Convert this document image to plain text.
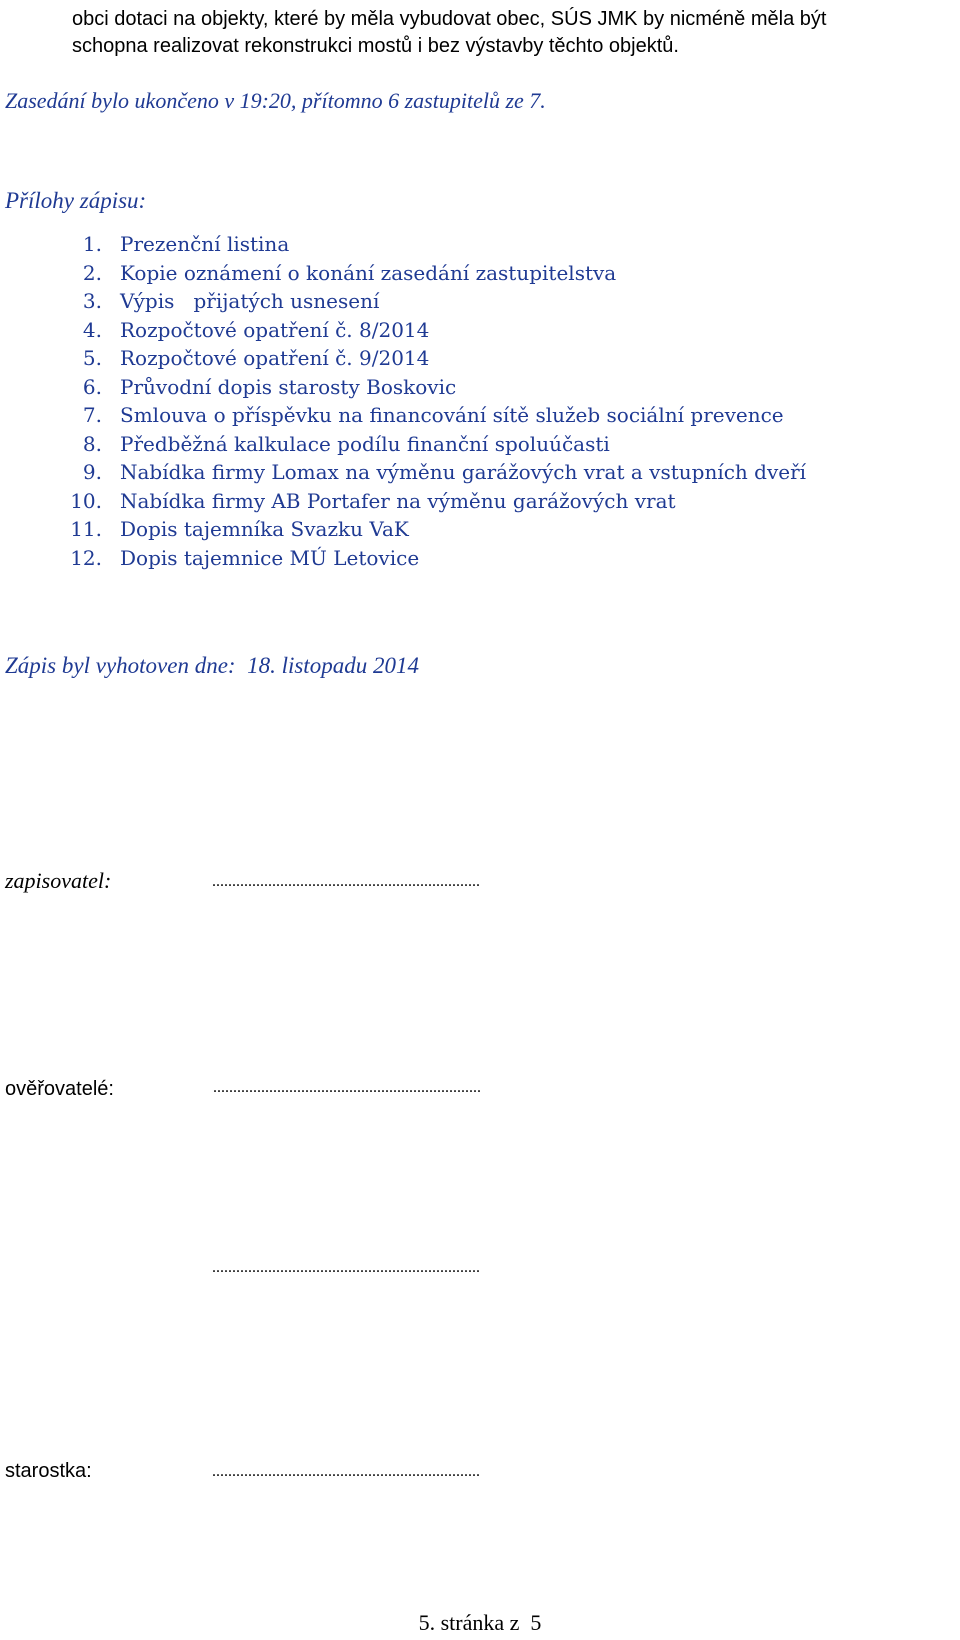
obci dotaci na objekty, které by měla vybudovat obec, SÚS JMK by nicméně měla být
schopna realizovat rekonstrukci mostů i bez výstavby těchto objektů.
Zasedání bylo ukončeno v 19:20, přítomno 6 zastupitelů ze 7.
Přílohy zápisu:
1. Prezenční listina
2. Kopie oznámení o konání zasedání zastupitelstva
3. Výpis   přijatých usnesení
4. Rozpočtové opatření č. 8/2014
5. Rozpočtové opatření č. 9/2014
6. Průvodní dopis starosty Boskovic
7. Smlouva o příspěvku na financování sítě služeb sociální prevence
8. Předběžná kalkulace podílu finanční spoluúčasti
9. Nabídka firmy Lomax na výměnu garážových vrat a vstupních dveří
10. Nabídka firmy AB Portafer na výměnu garážových vrat
11. Dopis tajemníka Svazku VaK
12. Dopis tajemnice MÚ Letovice
Zápis byl vyhotoven dne:  18. listopadu 2014
zapisovatel:	...................................................................
ověřovatelé:	...................................................................
...................................................................
starostka:	...................................................................
5. stránka z  5
